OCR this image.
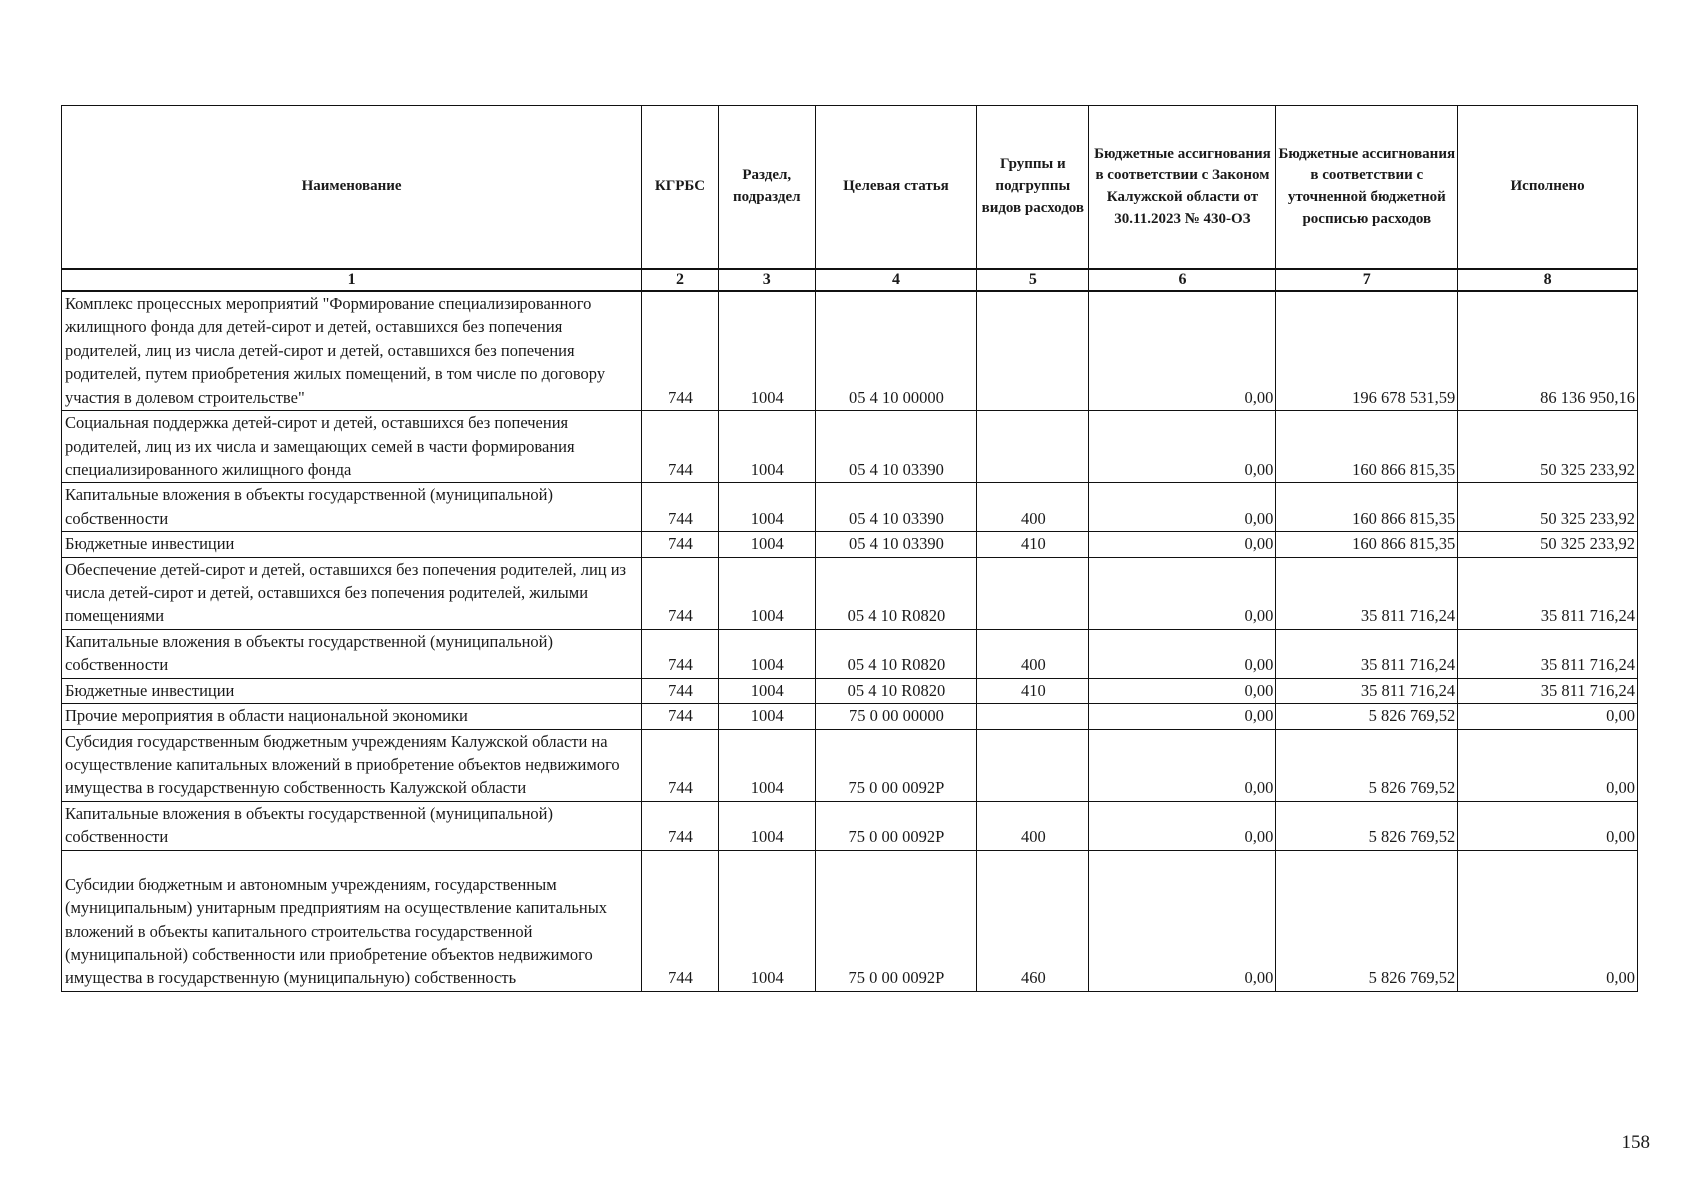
Наименование	КГРБС	Раздел, подраздел	Целевая статья	Группы и подгруппы видов расходов	Бюджетные ассигнования в соответствии с Законом Калужской области от 30.11.2023 № 430-ОЗ	Бюджетные ассигнования в соответствии с уточненной бюджетной росписью расходов	Исполнено
1	2	3	4	5	6	7	8
Комплекс процессных мероприятий "Формирование специализированного жилищного фонда для детей-сирот и детей, оставшихся без попечения родителей, лиц из числа детей-сирот и детей, оставшихся без попечения родителей, путем приобретения жилых помещений, в том числе по договору участия в долевом строительстве"	744	1004	05 4 10 00000		0,00	196 678 531,59	86 136 950,16
Социальная поддержка детей-сирот и детей, оставшихся без попечения родителей, лиц из их числа и замещающих семей в части формирования специализированного жилищного фонда	744	1004	05 4 10 03390		0,00	160 866 815,35	50 325 233,92
Капитальные вложения в объекты государственной (муниципальной) собственности	744	1004	05 4 10 03390	400	0,00	160 866 815,35	50 325 233,92
Бюджетные инвестиции	744	1004	05 4 10 03390	410	0,00	160 866 815,35	50 325 233,92
Обеспечение детей-сирот и детей, оставшихся без попечения родителей, лиц из числа детей-сирот и детей, оставшихся без попечения родителей, жилыми помещениями	744	1004	05 4 10 R0820		0,00	35 811 716,24	35 811 716,24
Капитальные вложения в объекты государственной (муниципальной) собственности	744	1004	05 4 10 R0820	400	0,00	35 811 716,24	35 811 716,24
Бюджетные инвестиции	744	1004	05 4 10 R0820	410	0,00	35 811 716,24	35 811 716,24
Прочие мероприятия в области национальной экономики	744	1004	75 0 00 00000		0,00	5 826 769,52	0,00
Субсидия государственным бюджетным учреждениям Калужской области на осуществление капитальных вложений в приобретение объектов недвижимого имущества в государственную собственность Калужской области	744	1004	75 0 00 0092P		0,00	5 826 769,52	0,00
Капитальные вложения в объекты государственной (муниципальной) собственности	744	1004	75 0 00 0092P	400	0,00	5 826 769,52	0,00
Субсидии бюджетным и автономным учреждениям, государственным (муниципальным) унитарным предприятиям на осуществление капитальных вложений в объекты капитального строительства государственной (муниципальной) собственности или приобретение объектов недвижимого имущества в государственную (муниципальную) собственность	744	1004	75 0 00 0092P	460	0,00	5 826 769,52	0,00
158
